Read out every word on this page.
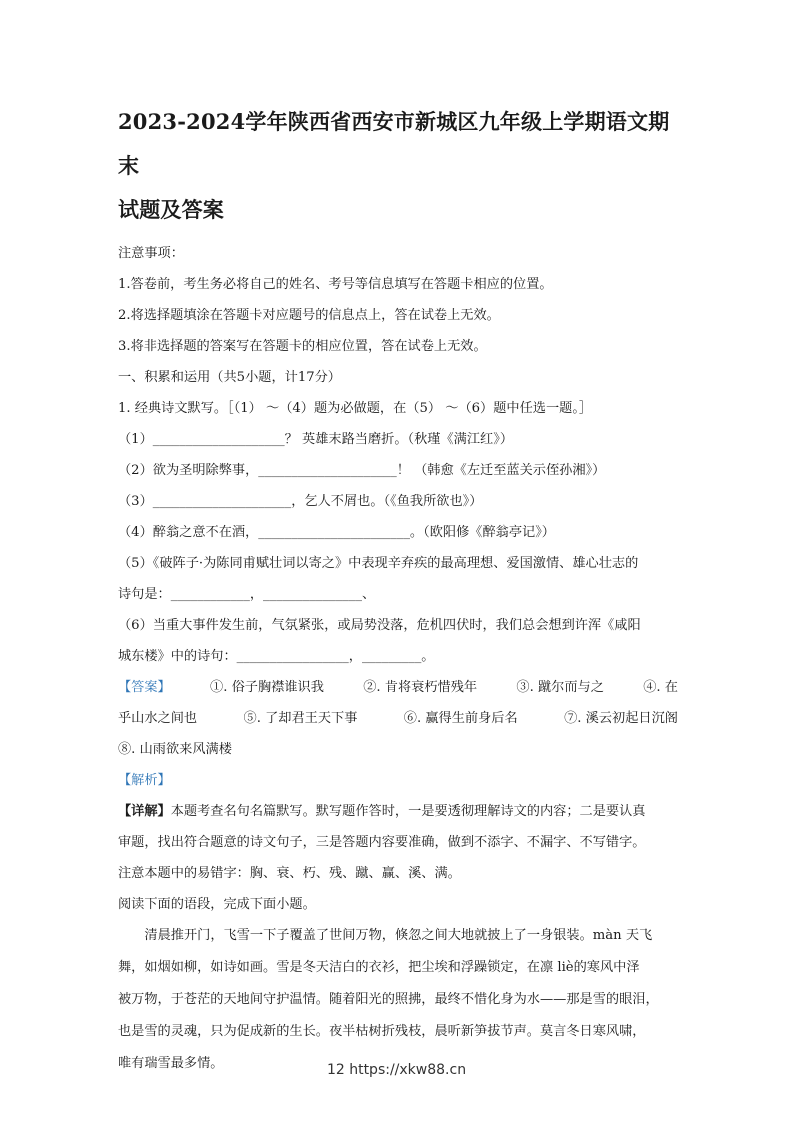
2023-2024学年陕西省西安市新城区九年级上学期语文期末
试题及答案
注意事项：
1.答卷前，考生务必将自己的姓名、考号等信息填写在答题卡相应的位置。
2.将选择题填涂在答题卡对应题号的信息点上，答在试卷上无效。
3.将非选择题的答案写在答题卡的相应位置，答在试卷上无效。
一、积累和运用（共5小题，计17分）
1. 经典诗文默写。［（1） ～（4）题为必做题，在（5） ～（6）题中任选一题。］
（1）____________________？ 英雄末路当磨折。（秋瑾《满江红》）
（2）欲为圣明除弊事，_____________________！ （韩愈《左迁至蓝关示侄孙湘》）
（3）_____________________，乞人不屑也。（《鱼我所欲也》）
（4）醉翁之意不在酒，_______________________。（欧阳修《醉翁亭记》）
（5）《破阵子·为陈同甫赋壮词以寄之》中表现辛弃疾的最高理想、爱国激情、雄心壮志的
诗句是：____________，_______________、
（6）当重大事件发生前，气氛紧张，或局势没落，危机四伏时，我们总会想到许浑《咸阳
城东楼》中的诗句：_________________，_________。
【答案】	①. 俗子胸襟谁识我	②. 肯将衰朽惜残年	③. 蹴尔而与之	④. 在
乎山水之间也	⑤. 了却君王天下事	⑥. 赢得生前身后名	⑦. 溪云初起日沉阁
⑧. 山雨欲来风满楼
【解析】
【详解】本题考查名句名篇默写。默写题作答时，一是要透彻理解诗文的内容；二是要认真
审题，找出符合题意的诗文句子，三是答题内容要准确，做到不添字、不漏字、不写错字。
注意本题中的易错字：胸、衰、朽、残、蹴、赢、溪、满。
阅读下面的语段，完成下面小题。
清晨推开门，飞雪一下子覆盖了世间万物，倏忽之间大地就披上了一身银装。màn 天飞
舞，如烟如柳，如诗如画。雪是冬天洁白的衣衫，把尘埃和浮躁锁定，在凛 liè的寒风中泽
被万物，于苍茫的天地间守护温情。随着阳光的照拂，最终不惜化身为水——那是雪的眼泪，
也是雪的灵魂，只为促成新的生长。夜半枯树折残枝，晨听新笋拔节声。莫言冬日寒风啸，
唯有瑞雪最多情。	12 https://xkw88.cn
